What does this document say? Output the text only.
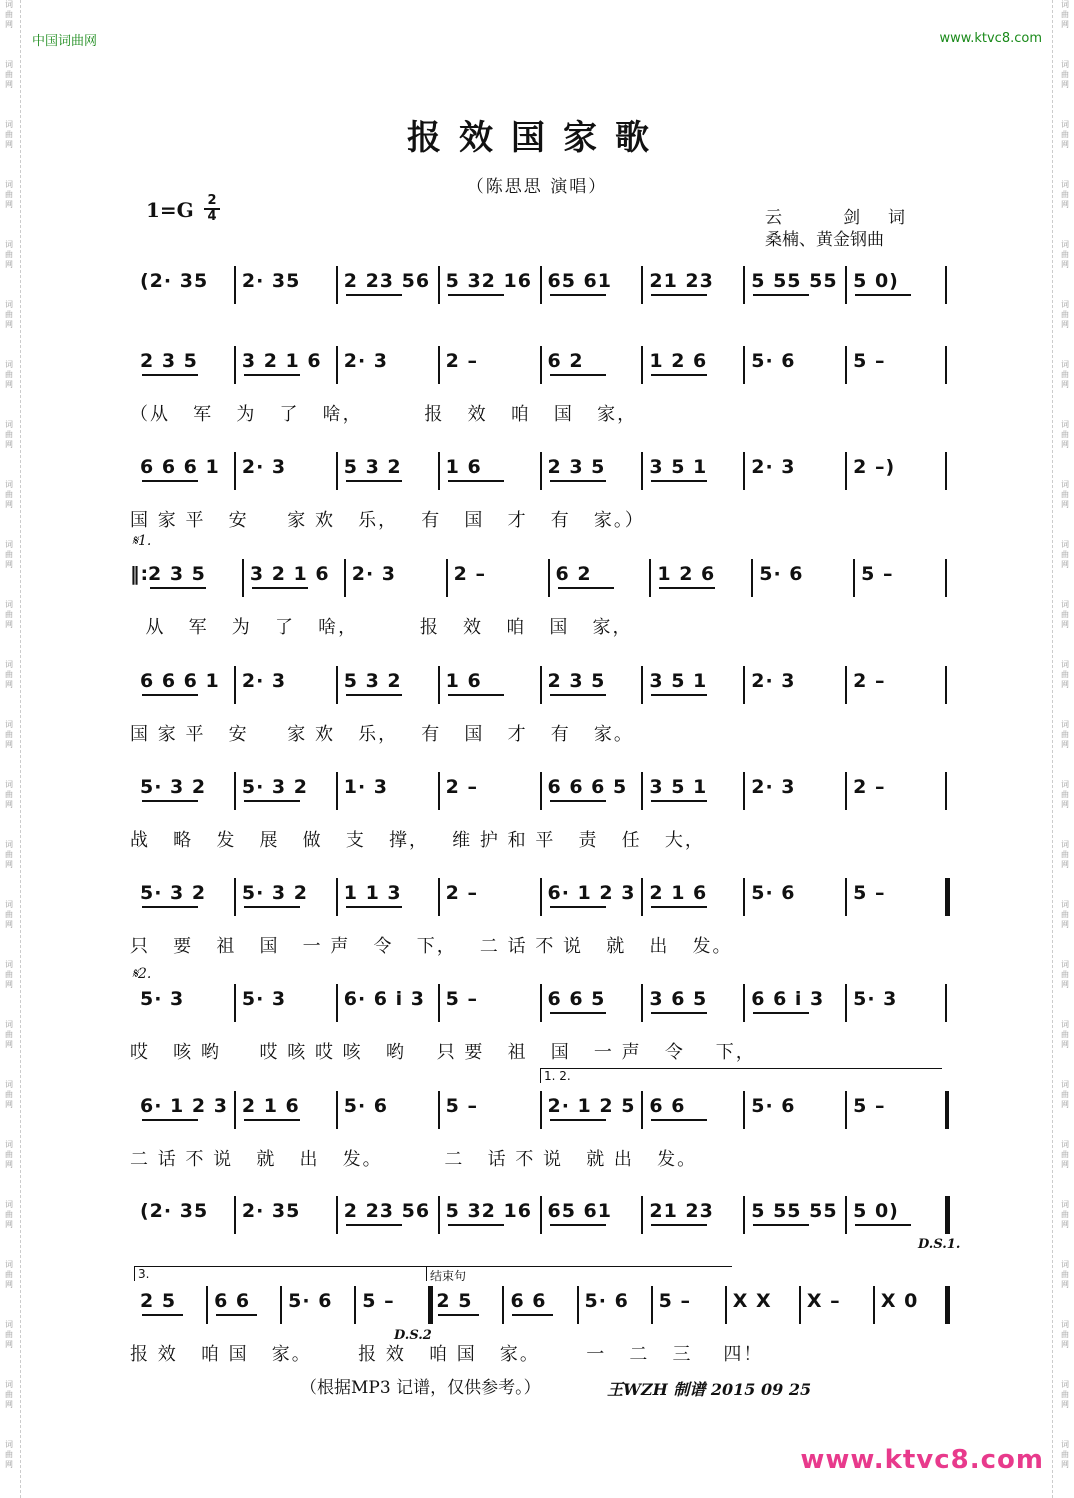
词
曲
网
词
曲
网
词
曲
网
词
曲
网
词
曲
网
词
曲
网
词
曲
网
词
曲
网
词
曲
网
词
曲
网
词
曲
网
词
曲
网
词
曲
网
词
曲
网
词
曲
网
词
曲
网
词
曲
网
词
曲
网
词
曲
网
词
曲
网
词
曲
网
词
曲
网
词
曲
网
词
曲
网
词
曲
网
词
曲
网
词
曲
网
词
曲
网
词
曲
网
词
曲
网
词
曲
网
词
曲
网
词
曲
网
词
曲
网
词
曲
网
词
曲
网
词
曲
网
词
曲
网
词
曲
网
词
曲
网
词
曲
网
词
曲
网
词
曲
网
词
曲
网
词
曲
网
词
曲
网
词
曲
网
词
曲
网
词
曲
网
词
曲
网
中国词曲网	www.ktvc8.com
报效国家歌
（陈思思 演唱）
1=G 2
4	云 剑词
桑楠、黄金钢曲
𝄋1.
𝄋2.
1. 2.
3.	结束句
D.S.1.
D.S.2
(2· 35 2· 35 2 23 56 5 32 16 65 61 21 23 5 55 55 5 0)
2 3 5 3 2 1 6 2· 3	2 –	6 2	1 2 6 5· 6	5 –
（从   军   为   了   啥，        报   效   咱   国   家，
6 6 6 1 2· 3	5 3 2 1 6	2 3 5 3 5 1 2· 3	2 –)
国 家 平   安     家 欢   乐，   有   国   才   有   家。）
‖:
2 3 5 3 2 1 6 2· 3	2 –	6 2	1 2 6 5· 6	5 –
从   军   为   了   啥，        报   效   咱   国   家，
6 6 6 1 2· 3	5 3 2 1 6	2 3 5 3 5 1 2· 3	2 –
国 家 平   安     家 欢   乐，   有   国   才   有   家。
5· 3 2 5· 3 2 1· 3	2 –	6 6 6 5 3 5 1 2· 3	2 –
战   略   发   展   做   支   撑，   维 护 和 平   责   任   大，
5· 3 2 5· 3 2 1 1 3 2 –	6· 1 2 3 2 1 6 5· 6	5 –
只   要   祖   国   一 声   令   下，   二 话 不 说   就   出   发。
5· 3	5· 3	6· 6 i 3 5 –	6 6 5 3 6 5 6 6 i 3 5· 3
哎   咳 哟     哎 咳 哎 咳   哟    只 要   祖   国   一 声   令    下，
6· 1 2 3 2 1 6 5· 6	5 –	2· 1 2 5 6 6	5· 6	5 –
二 话 不 说   就   出   发。        二   话 不 说   就 出   发。
(2· 35 2· 35 2 23 56 5 32 16 65 61 21 23 5 55 55 5 0)
2 5 6 6 5· 6 5 – 2 5 6 6 5· 6 5 – X X X – X 0
报 效   咱 国   家。      报 效   咱 国   家。      一   二   三    四！
（根据MP3 记谱，仅供参考。）	王WZH 制谱 2015 09 25
www.ktvc8.com
